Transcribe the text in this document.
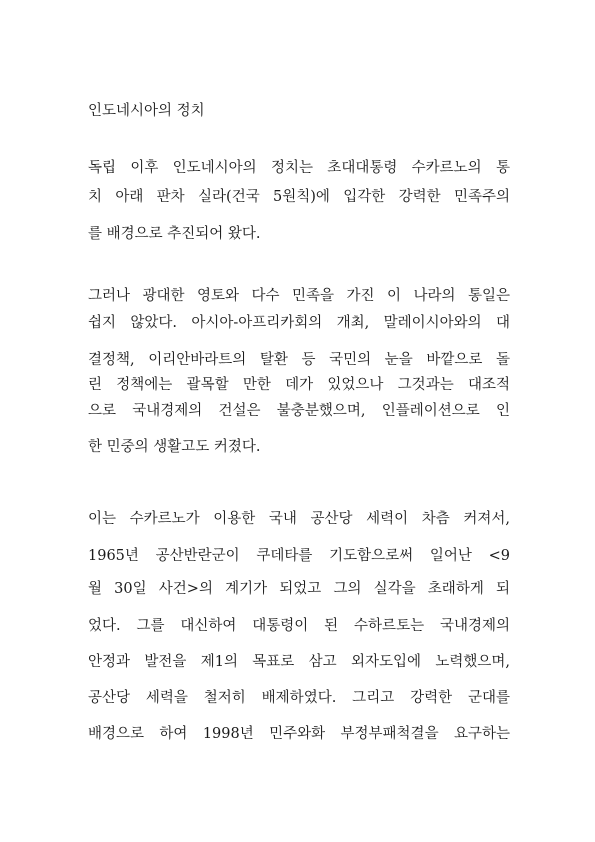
인도네시아의 정치
독립 이후 인도네시아의 정치는 초대대통령 수카르노의 통
치 아래 판차 실라(건국 5원칙)에 입각한 강력한 민족주의
를 배경으로 추진되어 왔다.
그러나 광대한 영토와 다수 민족을 가진 이 나라의 통일은
쉽지 않았다. 아시아-아프리카회의 개최, 말레이시아와의 대
결정책, 이리안바라트의 탈환 등 국민의 눈을 바깥으로 돌
린 정책에는 괄목할 만한 데가 있었으나 그것과는 대조적
으로 국내경제의 건설은 불충분했으며, 인플레이션으로 인
한 민중의 생활고도 커졌다.
이는 수카르노가 이용한 국내 공산당 세력이 차츰 커져서,
1965년 공산반란군이 쿠데타를 기도함으로써 일어난 <9
월 30일 사건>의 계기가 되었고 그의 실각을 초래하게 되
었다. 그를 대신하여 대통령이 된 수하르토는 국내경제의
안정과 발전을 제1의 목표로 삼고 외자도입에 노력했으며,
공산당 세력을 철저히 배제하였다. 그리고 강력한 군대를
배경으로 하여 1998년 민주와화 부정부패척결을 요구하는
